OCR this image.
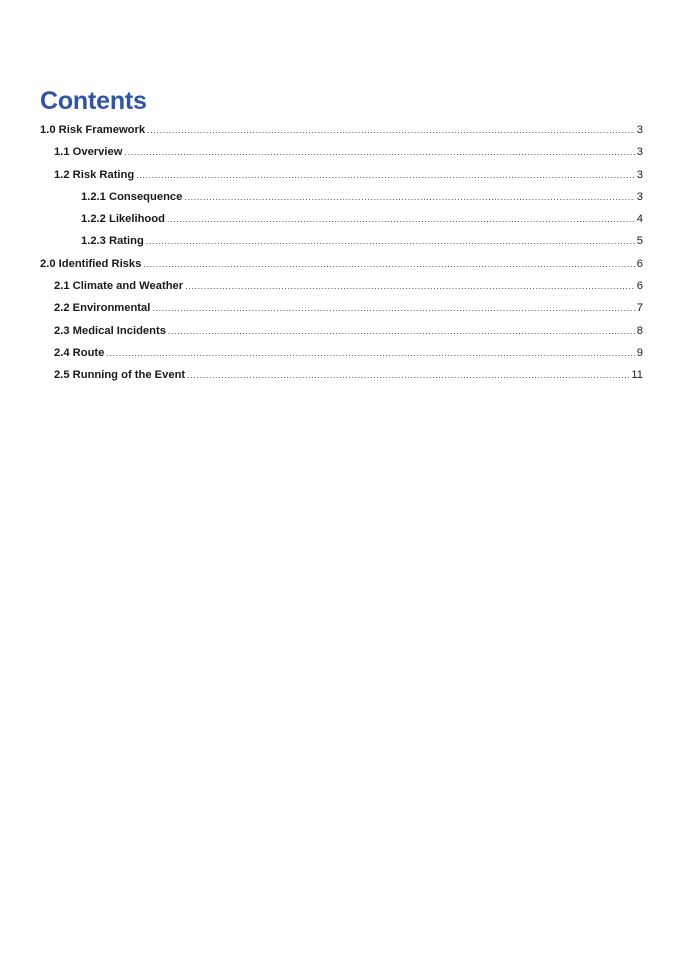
Contents
1.0 Risk Framework .....	3
1.1 Overview .....	3
1.2 Risk Rating .....	3
1.2.1 Consequence .....	3
1.2.2 Likelihood .....	4
1.2.3 Rating .....	5
2.0 Identified Risks .....	6
2.1 Climate and Weather .....	6
2.2 Environmental .....	7
2.3 Medical Incidents .....	8
2.4 Route .....	9
2.5 Running of the Event .....	11
